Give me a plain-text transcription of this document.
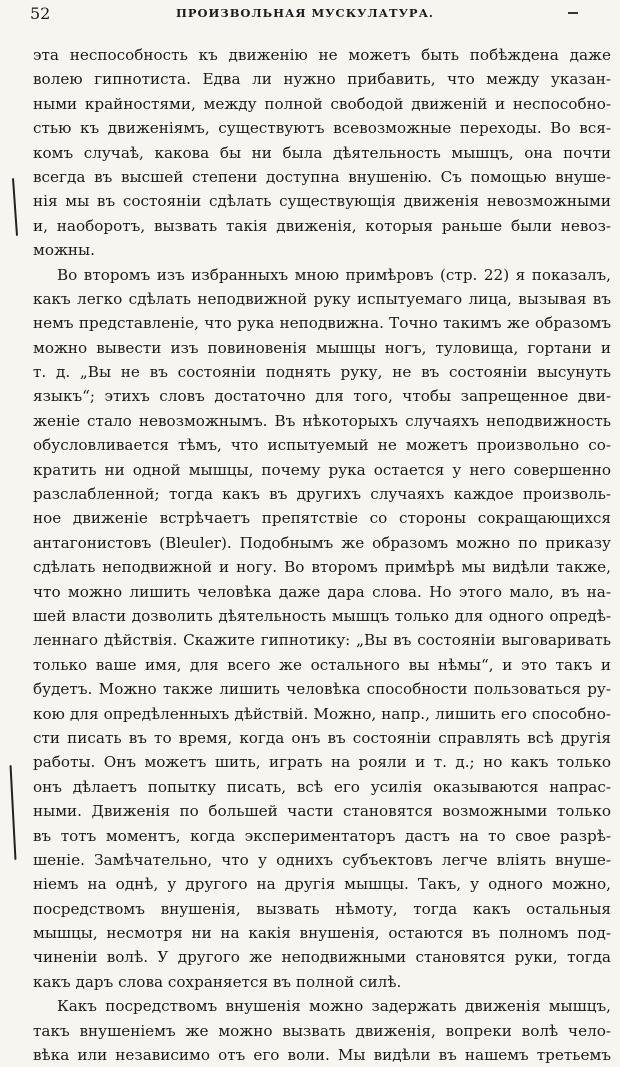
52	ПРОИЗВОЛЬНАЯ МУСКУЛАТУРА.
эта неспособность къ движенію не можетъ быть побѣждена даже
волею гипнотиста. Едва ли нужно прибавить, что между указан-
ными крайностями, между полной свободой движеній и неспособно-
стью къ движеніямъ, существуютъ всевозможные переходы. Во вся-
комъ случаѣ, какова бы ни была дѣятельность мышцъ, она почти
всегда въ высшей степени доступна внушенію. Съ помощью внуше-
нія мы въ состояніи сдѣлать существующія движенія невозможными
и, наоборотъ, вызвать такія движенія, которыя раньше были невоз-
можны.
Во второмъ изъ избранныхъ мною примѣровъ (стр. 22) я показалъ,
какъ легко сдѣлать неподвижной руку испытуемаго лица, вызывая въ
немъ представленіе, что рука неподвижна. Точно такимъ же образомъ
можно вывести изъ повиновенія мышцы ногъ, туловища, гортани и
т. д. „Вы не въ состояніи поднять руку, не въ состояніи высунуть
языкъ“; этихъ словъ достаточно для того, чтобы запрещенное дви-
женіе стало невозможнымъ. Въ нѣкоторыхъ случаяхъ неподвижность
обусловливается тѣмъ, что испытуемый не можетъ произвольно со-
кратить ни одной мышцы, почему рука остается у него совершенно
разслабленной; тогда какъ въ другихъ случаяхъ каждое произволь-
ное движеніе встрѣчаетъ препятствіе со стороны сокращающихся
антагонистовъ (Bleuler). Подобнымъ же образомъ можно по приказу
сдѣлать неподвижной и ногу. Во второмъ примѣрѣ мы видѣли также,
что можно лишить человѣка даже дара слова. Но этого мало, въ на-
шей власти дозволить дѣятельность мышцъ только для одного опредѣ-
леннаго дѣйствія. Скажите гипнотику: „Вы въ состояніи выговаривать
только ваше имя, для всего же остального вы нѣмы“, и это такъ и
будетъ. Можно также лишить человѣка способности пользоваться ру-
кою для опредѣленныхъ дѣйствій. Можно, напр., лишить его способно-
сти писать въ то время, когда онъ въ состояніи справлять всѣ другія
работы. Онъ можетъ шить, играть на рояли и т. д.; но какъ только
онъ дѣлаетъ попытку писать, всѣ его усилія оказываются напрас-
ными. Движенія по большей части становятся возможными только
въ тотъ моментъ, когда экспериментаторъ дастъ на то свое разрѣ-
шеніе. Замѣчательно, что у однихъ субъектовъ легче вліять внуше-
ніемъ на однѣ, у другого на другія мышцы. Такъ, у одного можно,
посредствомъ внушенія, вызвать нѣмоту, тогда какъ остальныя
мышцы, несмотря ни на какія внушенія, остаются въ полномъ под-
чиненіи волѣ. У другого же неподвижными становятся руки, тогда
какъ даръ слова сохраняется въ полной силѣ.
Какъ посредствомъ внушенія можно задержать движенія мышцъ,
такъ внушеніемъ же можно вызвать движенія, вопреки волѣ чело-
вѣка или независимо отъ его воли. Мы видѣли въ нашемъ третьемъ
